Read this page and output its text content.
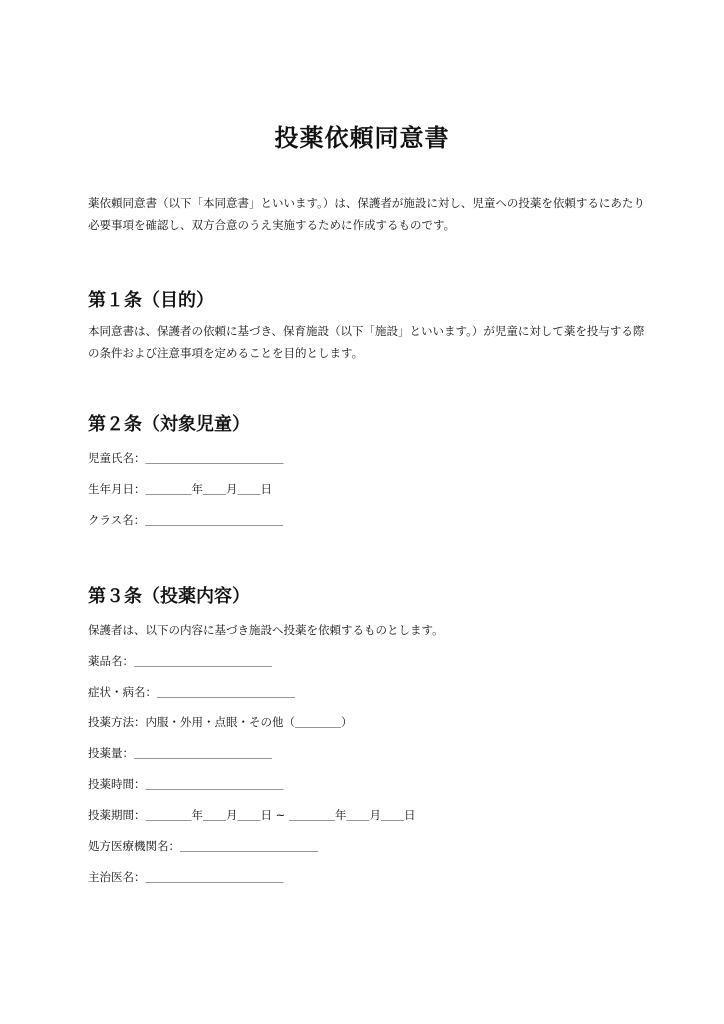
投薬依頼同意書
薬依頼同意書（以下「本同意書」といいます。）は、保護者が施設に対し、児童への投薬を依頼するにあたり必要事項を確認し、双方合意のうえ実施するために作成するものです。
第１条（目的）
本同意書は、保護者の依頼に基づき、保育施設（以下「施設」といいます。）が児童に対して薬を投与する際の条件および注意事項を定めることを目的とします。
第２条（対象児童）
児童氏名：＿＿＿＿＿＿＿＿＿＿＿＿
生年月日：＿＿＿＿年＿＿月＿＿日
クラス名：＿＿＿＿＿＿＿＿＿＿＿＿
第３条（投薬内容）
保護者は、以下の内容に基づき施設へ投薬を依頼するものとします。
薬品名：＿＿＿＿＿＿＿＿＿＿＿＿
症状・病名：＿＿＿＿＿＿＿＿＿＿＿＿
投薬方法：内服・外用・点眼・その他（＿＿＿＿）
投薬量：＿＿＿＿＿＿＿＿＿＿＿＿
投薬時間：＿＿＿＿＿＿＿＿＿＿＿＿
投薬期間：＿＿＿＿年＿＿月＿＿日 ~ ＿＿＿＿年＿＿月＿＿日
処方医療機関名：＿＿＿＿＿＿＿＿＿＿＿＿
主治医名：＿＿＿＿＿＿＿＿＿＿＿＿
